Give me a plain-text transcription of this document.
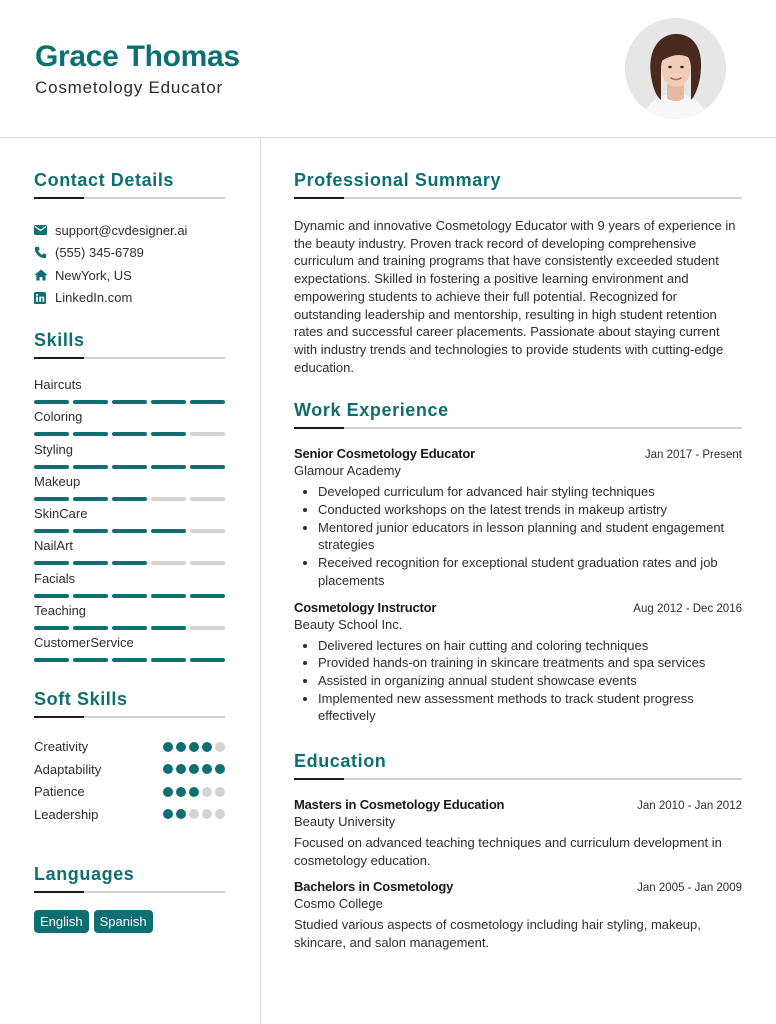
Grace Thomas
Cosmetology Educator
Contact Details
support@cvdesigner.ai
(555) 345-6789
NewYork, US
LinkedIn.com
Skills
Haircuts
Coloring
Styling
Makeup
SkinCare
NailArt
Facials
Teaching
CustomerService
Soft Skills
Creativity
Adaptability
Patience
Leadership
Languages
English	Spanish
Professional Summary
Dynamic and innovative Cosmetology Educator with 9 years of experience in the beauty industry. Proven track record of developing comprehensive curriculum and training programs that have consistently exceeded student expectations. Skilled in fostering a positive learning environment and empowering students to achieve their full potential. Recognized for outstanding leadership and mentorship, resulting in high student retention rates and successful career placements. Passionate about staying current with industry trends and technologies to provide students with cutting-edge education.
Work Experience
Senior Cosmetology Educator	Jan 2017 - Present
Glamour Academy
• Developed curriculum for advanced hair styling techniques
• Conducted workshops on the latest trends in makeup artistry
• Mentored junior educators in lesson planning and student engagement strategies
• Received recognition for exceptional student graduation rates and job placements
Cosmetology Instructor	Aug 2012 - Dec 2016
Beauty School Inc.
• Delivered lectures on hair cutting and coloring techniques
• Provided hands-on training in skincare treatments and spa services
• Assisted in organizing annual student showcase events
• Implemented new assessment methods to track student progress effectively
Education
Masters in Cosmetology Education	Jan 2010 - Jan 2012
Beauty University
Focused on advanced teaching techniques and curriculum development in cosmetology education.
Bachelors in Cosmetology	Jan 2005 - Jan 2009
Cosmo College
Studied various aspects of cosmetology including hair styling, makeup, skincare, and salon management.
